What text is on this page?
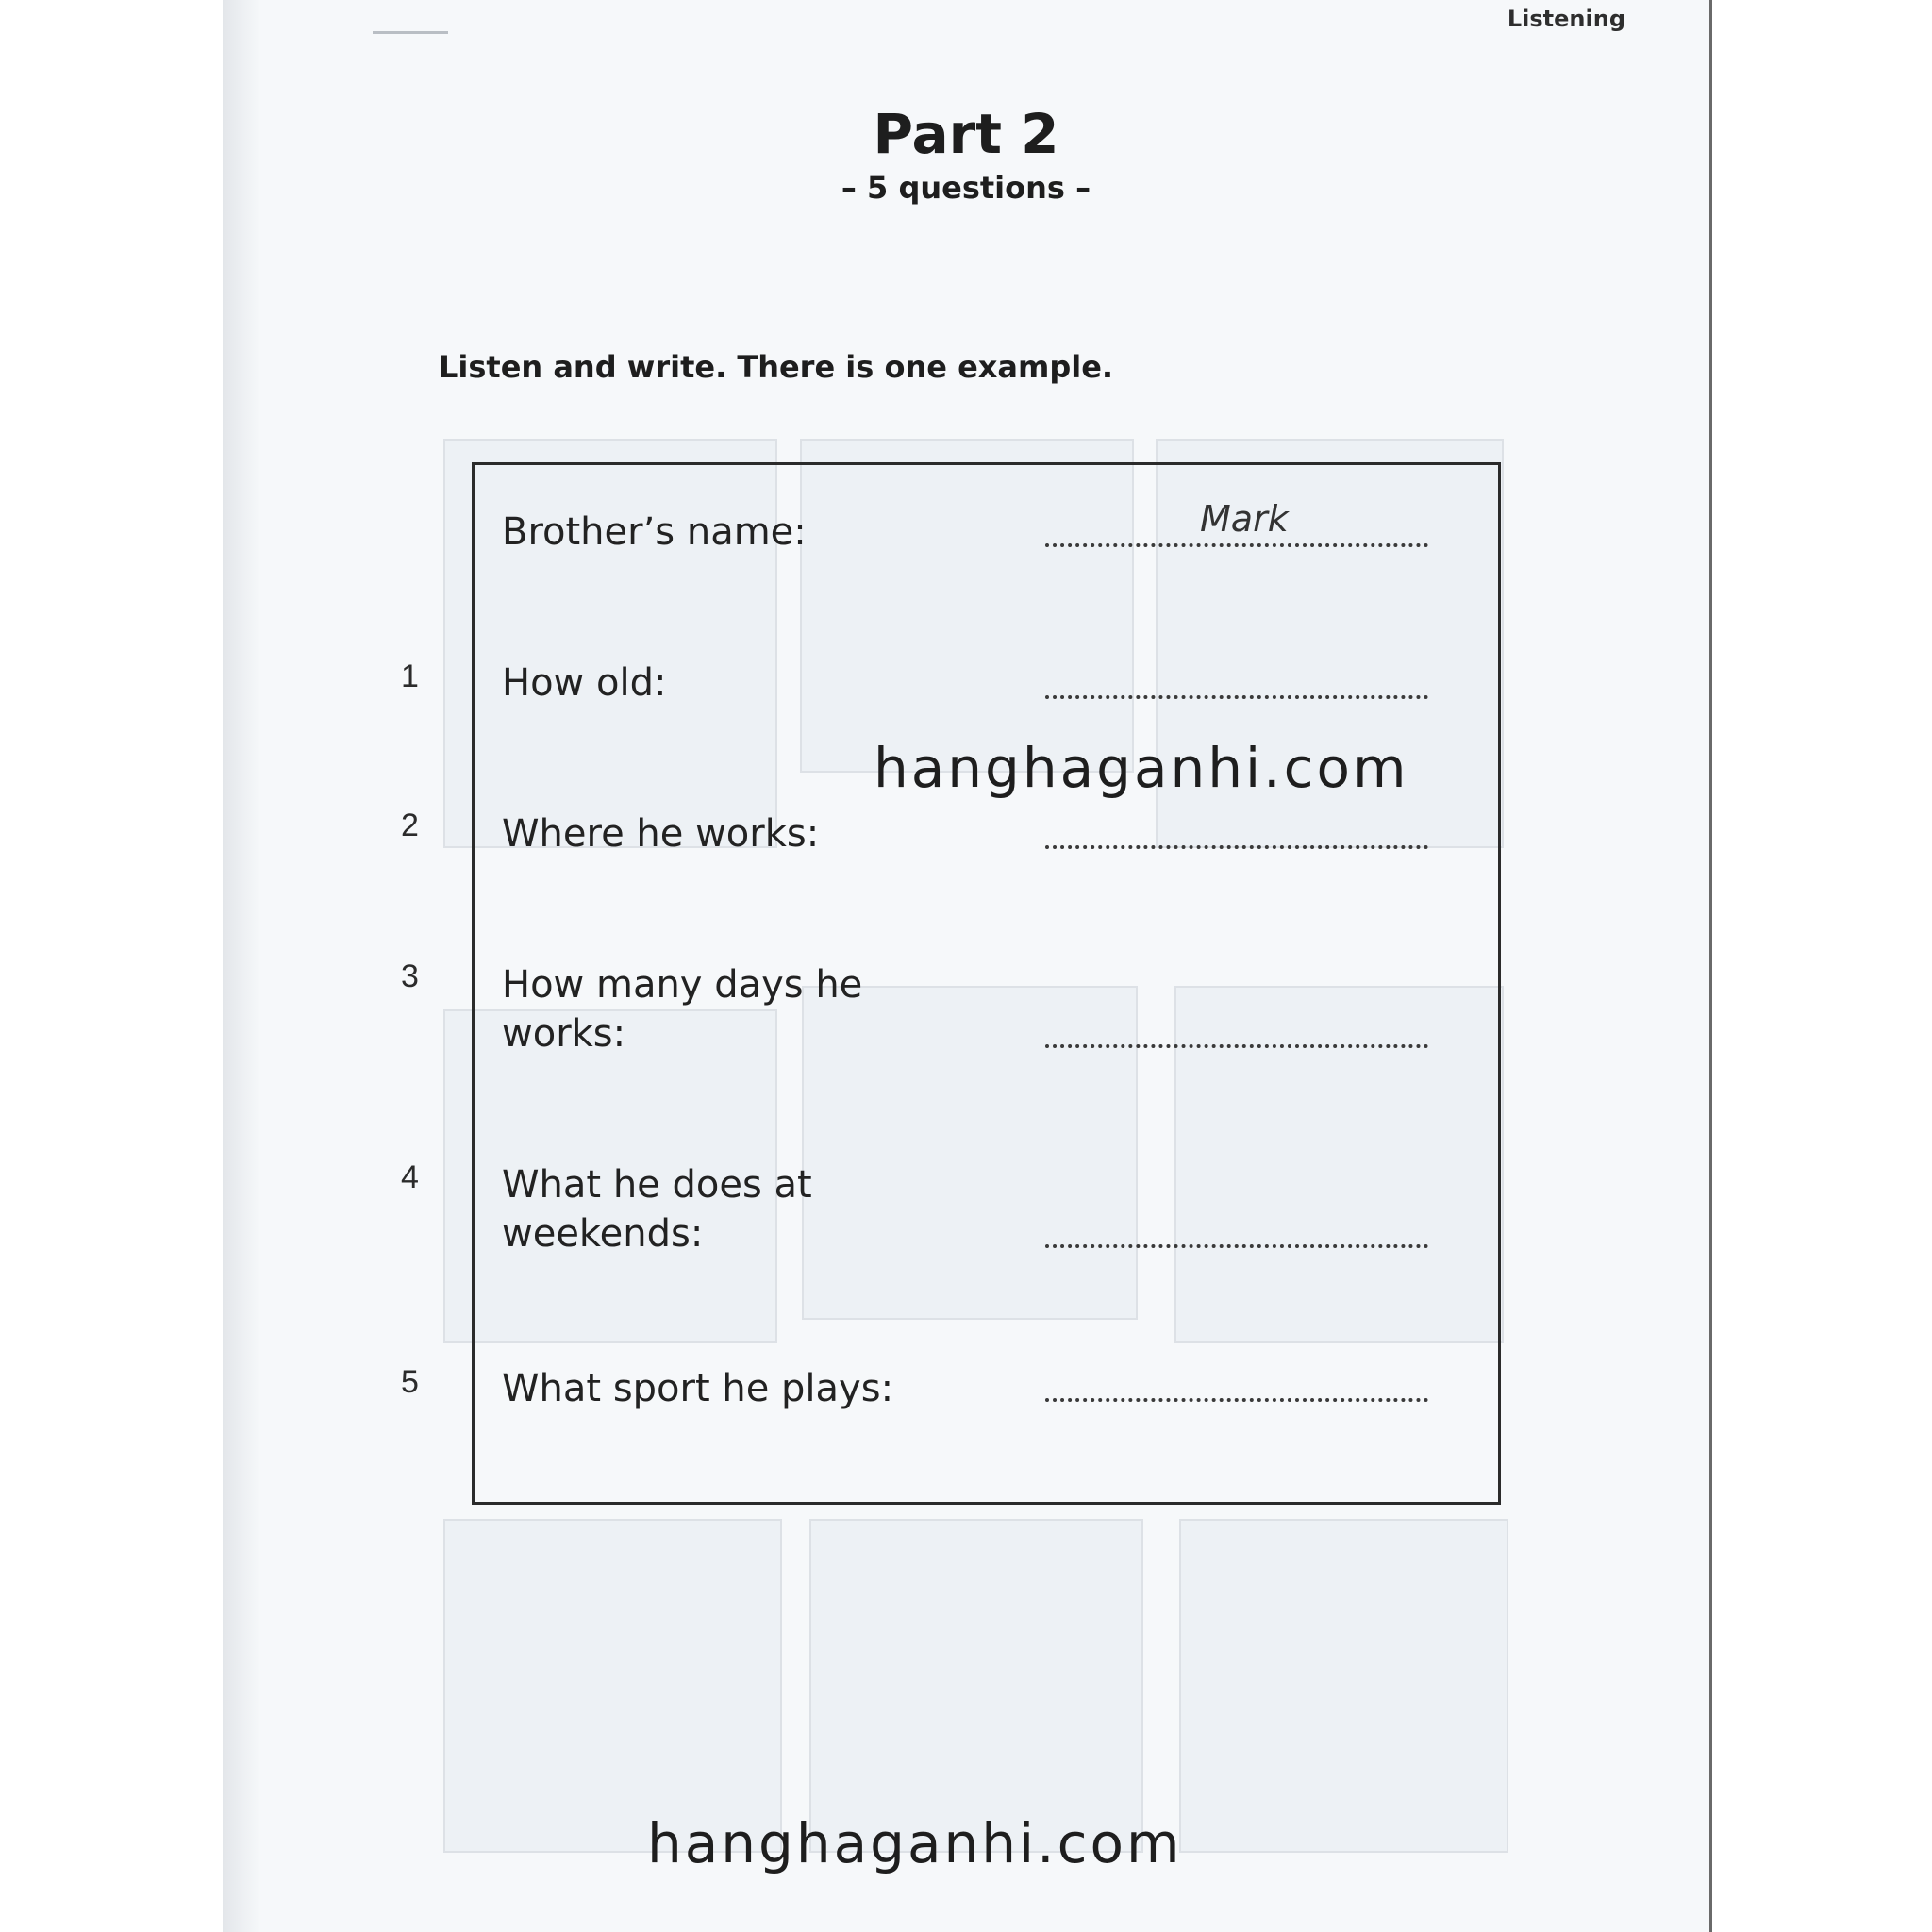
Listening
Part 2
– 5 questions –
Listen and write. There is one example.
Brother’s name:	Mark
1 How old:
2 Where he works:
3 How many days he works:
4 What he does at weekends:
5 What sport he plays:
hanghaganhi.com
hanghaganhi.com
